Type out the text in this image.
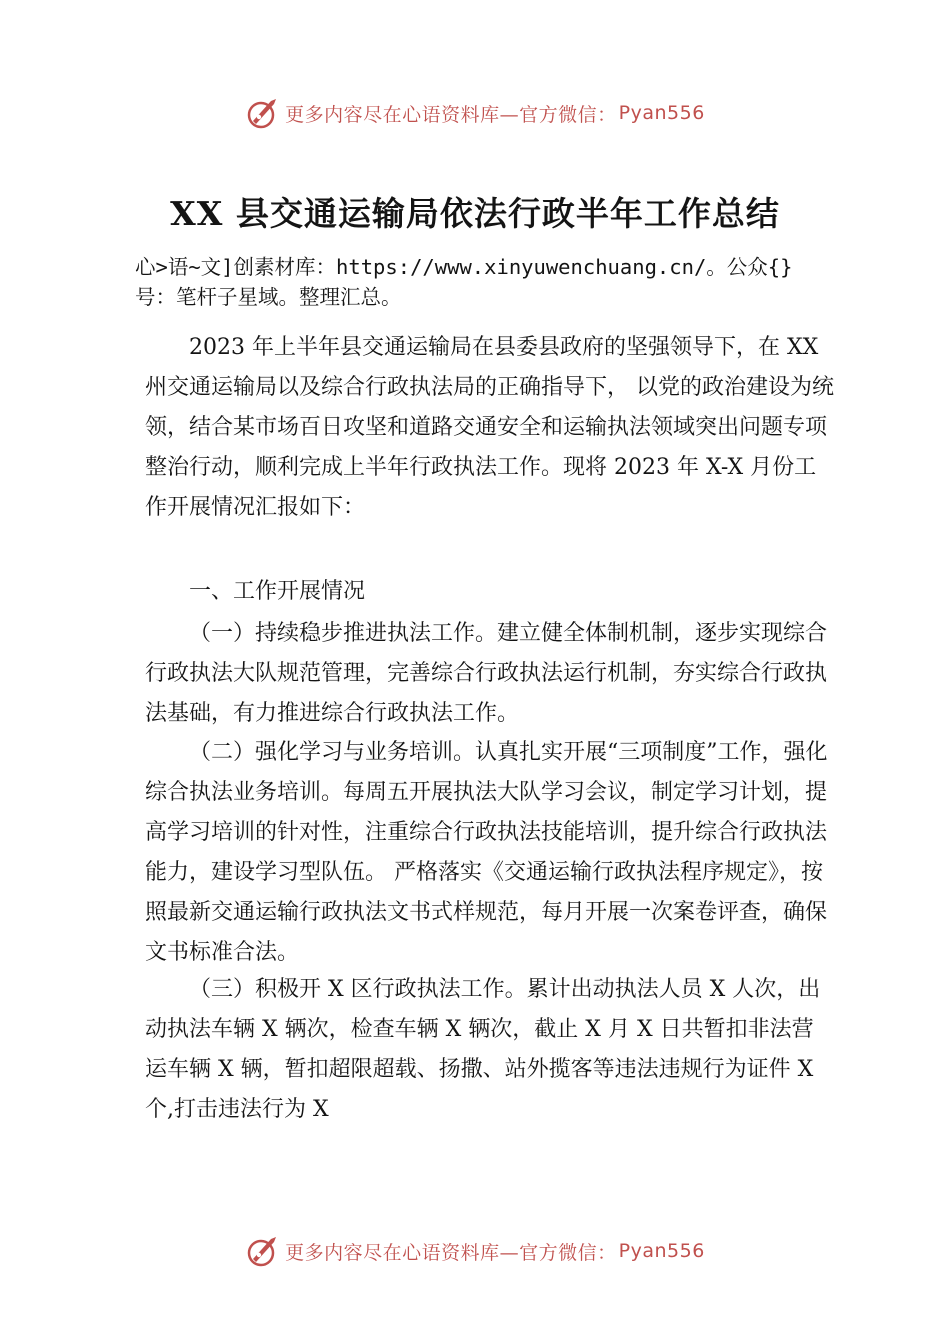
更多内容尽在心语资料库—官方微信： Pyan556
XX 县交通运输局依法行政半年工作总结
心>语~文]创素材库：https://www.xinyuwenchuang.cn/。公众{}号：笔杆子星域。整理汇总。
2023 年上半年县交通运输局在县委县政府的坚强领导下，在 XX 州交通运输局以及综合行政执法局的正确指导下， 以党的政治建设为统领，结合某市场百日攻坚和道路交通安全和运输执法领域突出问题专项整治行动，顺利完成上半年行政执法工作。现将 2023 年 X-X 月份工作开展情况汇报如下：
一、工作开展情况
（一）持续稳步推进执法工作。建立健全体制机制，逐步实现综合行政执法大队规范管理，完善综合行政执法运行机制，夯实综合行政执法基础，有力推进综合行政执法工作。
（二）强化学习与业务培训。认真扎实开展“三项制度”工作，强化综合执法业务培训。每周五开展执法大队学习会议，制定学习计划，提高学习培训的针对性，注重综合行政执法技能培训，提升综合行政执法能力，建设学习型队伍。 严格落实《交通运输行政执法程序规定》，按照最新交通运输行政执法文书式样规范，每月开展一次案卷评查，确保文书标准合法。
（三）积极开 X 区行政执法工作。累计出动执法人员 X 人次，出动执法车辆 X 辆次，检查车辆 X 辆次，截止 X 月 X 日共暂扣非法营运车辆 X 辆，暂扣超限超载、扬撒、站外揽客等违法违规行为证件 X 个,打击违法行为 X
更多内容尽在心语资料库—官方微信： Pyan556
